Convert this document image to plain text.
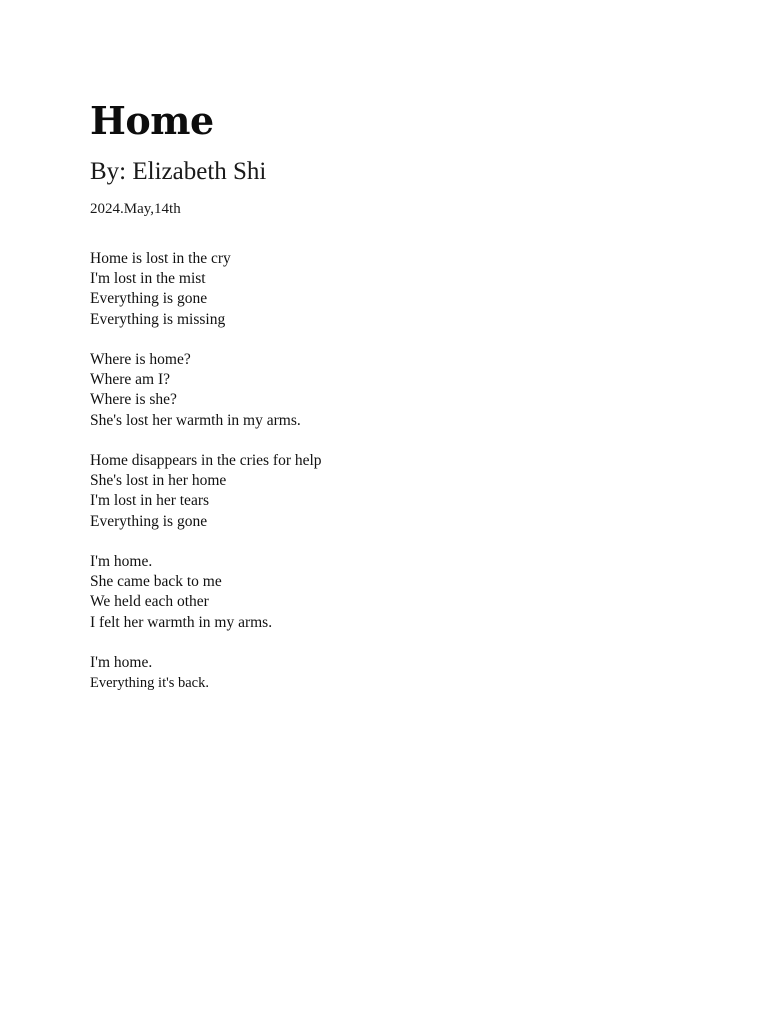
Home

By: Elizabeth Shi

2024.May,14th

Home is lost in the cry
I'm lost in the mist
Everything is gone
Everything is missing
Where is home?
Where am I?
Where is she?
She's lost her warmth in my arms.
Home disappears in the cries for help
She's lost in her home
I'm lost in her tears
Everything is gone
I'm home.
She came back to me
We held each other
I felt her warmth in my arms.
I'm home.
Everything it's back.
